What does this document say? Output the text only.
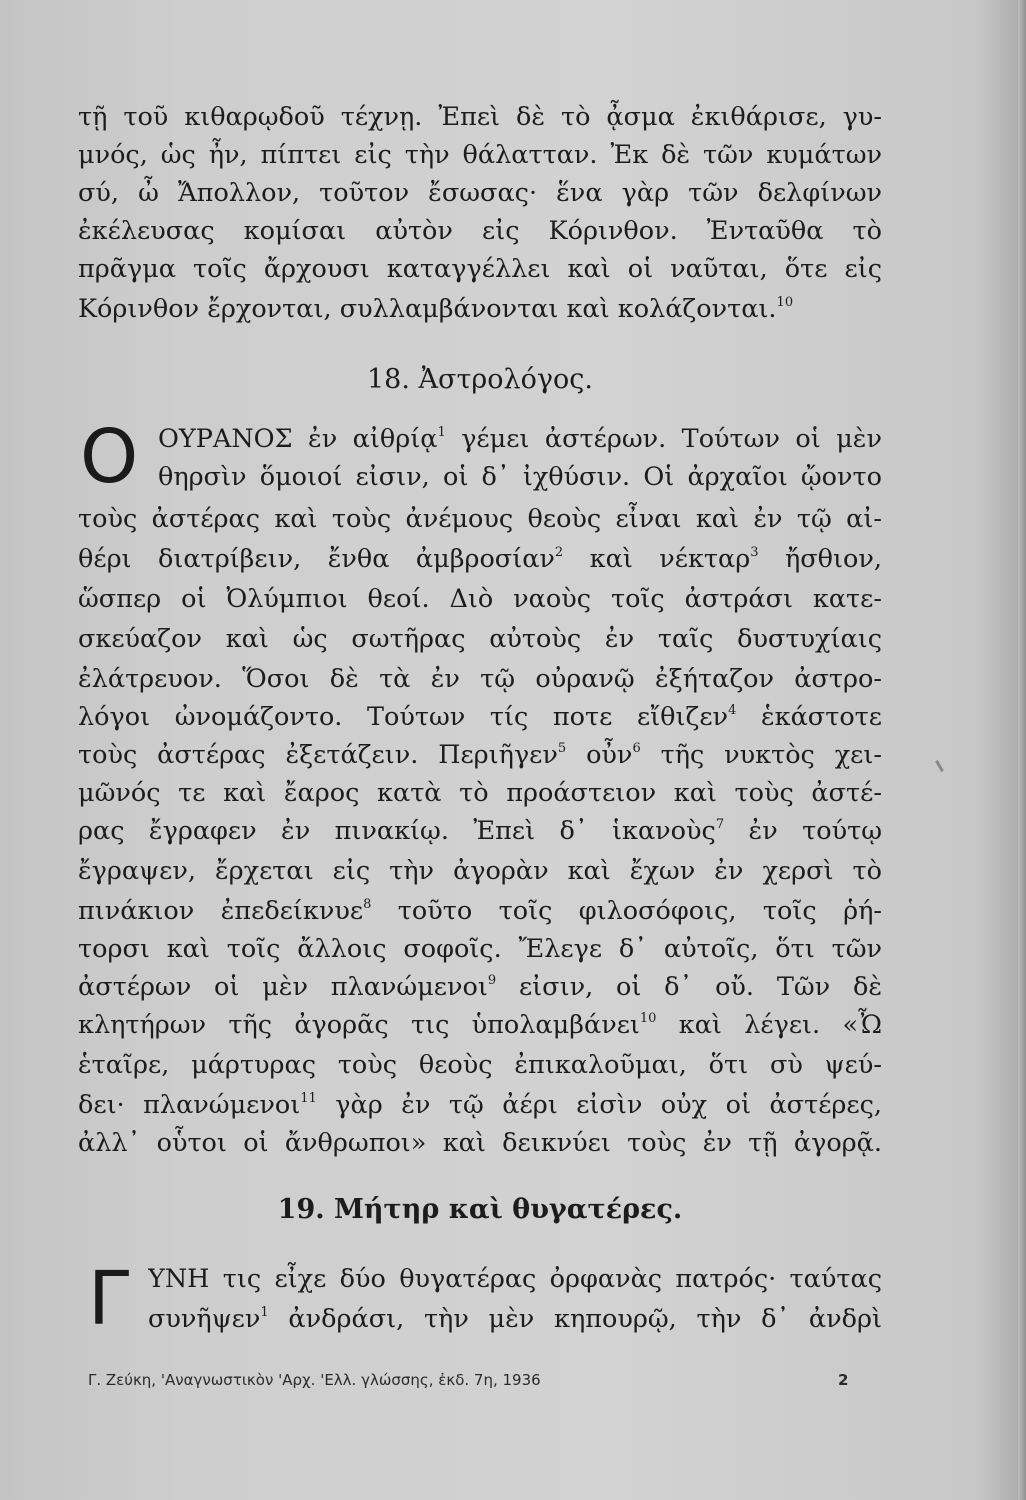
τῇ τοῦ κιθαρῳδοῦ τέχνῃ. Ἐπεὶ δὲ τὸ ᾆσμα ἐκιθάρισε, γυ-
μνός, ὡς ἦν, πίπτει εἰς τὴν θάλατταν. Ἐκ δὲ τῶν κυμάτων
σύ, ὦ Ἄπολλον, τοῦτον ἔσωσας· ἕνα γὰρ τῶν δελφίνων
ἐκέλευσας κομίσαι αὐτὸν εἰς Κόρινθον. Ἐνταῦθα τὸ
πρᾶγμα τοῖς ἄρχουσι καταγγέλλει καὶ οἱ ναῦται, ὅτε εἰς
Κόρινθον ἔρχονται, συλλαμβάνονται καὶ κολάζονται.$^{10}$
18. Ἀστρολόγος.
Ο ΟΥΡΑΝΟΣ ἐν αἰθρίᾳ$^1$ γέμει ἀστέρων. Τούτων οἱ μὲν
θηρσὶν ὅμοιοί εἰσιν, οἱ δ᾽ ἰχθύσιν. Οἱ ἀρχαῖοι ᾤοντο
τοὺς ἀστέρας καὶ τοὺς ἀνέμους θεοὺς εἶναι καὶ ἐν τῷ αἰ-
θέρι διατρίβειν, ἔνθα ἀμβροσίαν$^2$ καὶ νέκταρ$^3$ ἤσθιον,
ὥσπερ οἱ Ὀλύμπιοι θεοί. Διὸ ναοὺς τοῖς ἀστράσι κατε-
σκεύαζον καὶ ὡς σωτῆρας αὐτοὺς ἐν ταῖς δυστυχίαις
ἐλάτρευον. Ὅσοι δὲ τὰ ἐν τῷ οὐρανῷ ἐξήταζον ἀστρο-
λόγοι ὠνομάζοντο. Τούτων τίς ποτε εἴθιζεν$^4$ ἑκάστοτε
τοὺς ἀστέρας ἐξετάζειν. Περιῆγεν$^5$ οὖν$^6$ τῆς νυκτὸς χει-
μῶνός τε καὶ ἔαρος κατὰ τὸ προάστειον καὶ τοὺς ἀστέ-
ρας ἔγραφεν ἐν πινακίῳ. Ἐπεὶ δ᾽ ἱκανοὺς$^7$ ἐν τούτῳ
ἔγραψεν, ἔρχεται εἰς τὴν ἀγορὰν καὶ ἔχων ἐν χερσὶ τὸ
πινάκιον ἐπεδείκνυε$^8$ τοῦτο τοῖς φιλοσόφοις, τοῖς ῥή-
τορσι καὶ τοῖς ἄλλοις σοφοῖς. Ἔλεγε δ᾽ αὐτοῖς, ὅτι τῶν
ἀστέρων οἱ μὲν πλανώμενοι$^9$ εἰσιν, οἱ δ᾽ οὔ. Τῶν δὲ
κλητήρων τῆς ἀγορᾶς τις ὑπολαμβάνει$^{10}$ καὶ λέγει. «Ὦ
ἑταῖρε, μάρτυρας τοὺς θεοὺς ἐπικαλοῦμαι, ὅτι σὺ ψεύ-
δει· πλανώμενοι$^{11}$ γὰρ ἐν τῷ ἀέρι εἰσὶν οὐχ οἱ ἀστέρες,
ἀλλ᾽ οὗτοι οἱ ἄνθρωποι» καὶ δεικνύει τοὺς ἐν τῇ ἀγορᾷ.
19. Μήτηρ καὶ θυγατέρες.
Γ ΥΝΗ τις εἶχε δύο θυγατέρας ὀρφανὰς πατρός· ταύτας
συνῆψεν$^1$ ἀνδράσι, τὴν μὲν κηπουρῷ, τὴν δ᾽ ἀνδρὶ
Γ. Ζεύκη, 'Αναγνωστικὸν 'Αρχ. 'Ελλ. γλώσσης, ἐκδ. 7η, 1936	2
